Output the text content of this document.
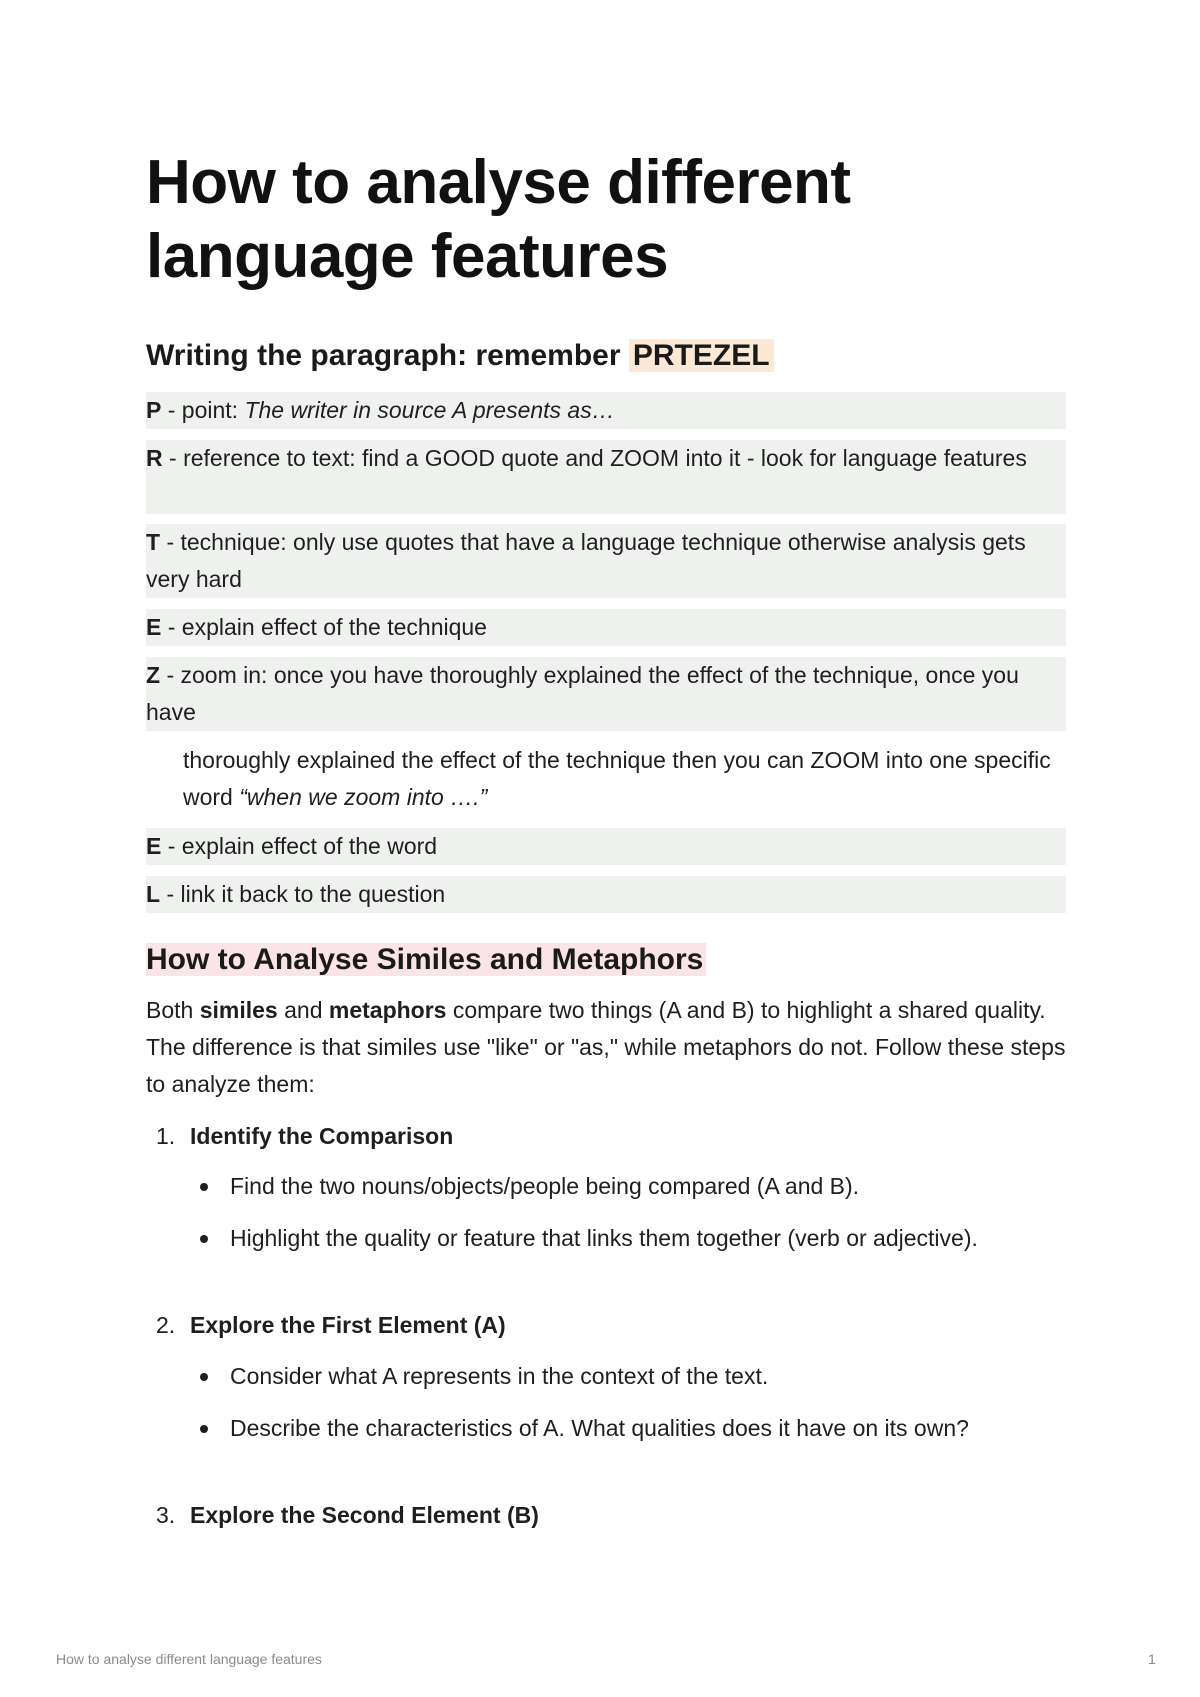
How to analyse different
language features
Writing the paragraph: remember PRTEZEL
P - point: The writer in source A presents as…
R - reference to text: find a GOOD quote and ZOOM into it - look for language features
T - technique: only use quotes that have a language technique otherwise analysis gets very hard
E - explain effect of the technique
Z - zoom in: once you have thoroughly explained the effect of the technique, once you have
thoroughly explained the effect of the technique then you can ZOOM into one specific word “when we zoom into ….”
E - explain effect of the word
L - link it back to the question
How to Analyse Similes and Metaphors

Both similes and metaphors compare two things (A and B) to highlight a shared quality. The difference is that similes use "like" or "as," while metaphors do not. Follow these steps to analyze them:

1. Identify the Comparison
Find the two nouns/objects/people being compared (A and B).
Highlight the quality or feature that links them together (verb or adjective).
2. Explore the First Element (A)
Consider what A represents in the context of the text.
Describe the characteristics of A. What qualities does it have on its own?
3. Explore the Second Element (B)
How to analyse different language features	1
